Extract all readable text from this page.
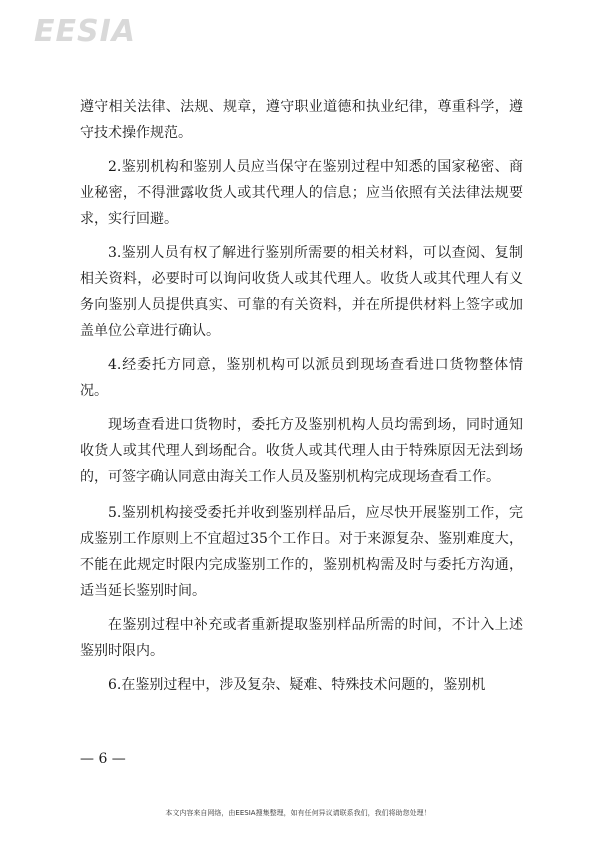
EESIA

遵守相关法律、法规、规章，遵守职业道德和执业纪律，尊重科学，遵守技术操作规范。

2.鉴别机构和鉴别人员应当保守在鉴别过程中知悉的国家秘密、商业秘密，不得泄露收货人或其代理人的信息；应当依照有关法律法规要求，实行回避。

3.鉴别人员有权了解进行鉴别所需要的相关材料，可以查阅、复制相关资料，必要时可以询问收货人或其代理人。收货人或其代理人有义务向鉴别人员提供真实、可靠的有关资料，并在所提供材料上签字或加盖单位公章进行确认。

4.经委托方同意，鉴别机构可以派员到现场查看进口货物整体情况。

现场查看进口货物时，委托方及鉴别机构人员均需到场，同时通知收货人或其代理人到场配合。收货人或其代理人由于特殊原因无法到场的，可签字确认同意由海关工作人员及鉴别机构完成现场查看工作。

5.鉴别机构接受委托并收到鉴别样品后，应尽快开展鉴别工作，完成鉴别工作原则上不宜超过35个工作日。对于来源复杂、鉴别难度大，不能在此规定时限内完成鉴别工作的，鉴别机构需及时与委托方沟通，适当延长鉴别时间。

在鉴别过程中补充或者重新提取鉴别样品所需的时间，不计入上述鉴别时限内。

6.在鉴别过程中，涉及复杂、疑难、特殊技术问题的，鉴别机

— 6 —
本文内容来自网络，由EESIA搜集整理，如有任何异议请联系我们，我们将助您处理！
